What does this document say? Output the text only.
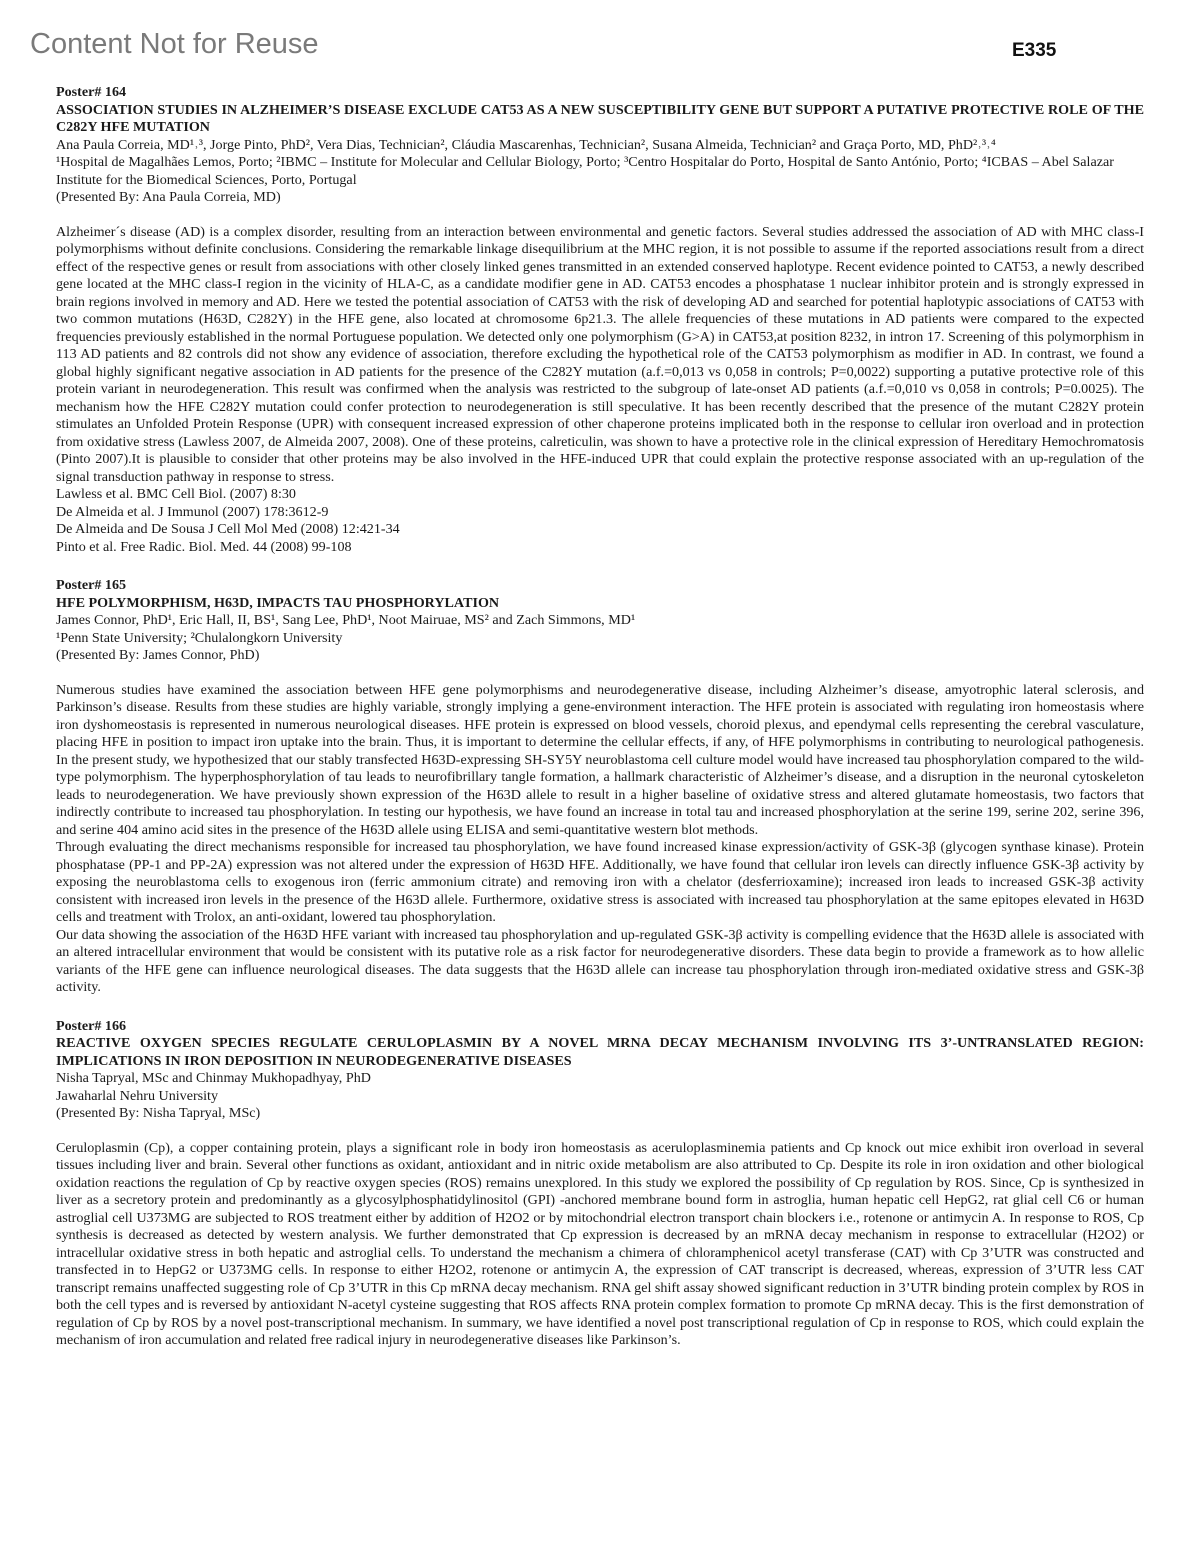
Content Not for Reuse	E335
Poster# 164
ASSOCIATION STUDIES IN ALZHEIMER’S DISEASE EXCLUDE CAT53 AS A NEW SUSCEPTIBILITY GENE BUT SUPPORT A PUTATIVE PROTECTIVE ROLE OF THE C282Y HFE MUTATION
Ana Paula Correia, MD¹˒³, Jorge Pinto, PhD², Vera Dias, Technician², Cláudia Mascarenhas, Technician², Susana Almeida, Technician² and Graça Porto, MD, PhD²˒³˒⁴
¹Hospital de Magalhães Lemos, Porto; ²IBMC – Institute for Molecular and Cellular Biology, Porto; ³Centro Hospitalar do Porto, Hospital de Santo António, Porto; ⁴ICBAS – Abel Salazar Institute for the Biomedical Sciences, Porto, Portugal
(Presented By: Ana Paula Correia, MD)

Alzheimer´s disease (AD) is a complex disorder, resulting from an interaction between environmental and genetic factors. Several studies addressed the association of AD with MHC class-I polymorphisms without definite conclusions. Considering the remarkable linkage disequilibrium at the MHC region, it is not possible to assume if the reported associations result from a direct effect of the respective genes or result from associations with other closely linked genes transmitted in an extended conserved haplotype. Recent evidence pointed to CAT53, a newly described gene located at the MHC class-I region in the vicinity of HLA-C, as a candidate modifier gene in AD. CAT53 encodes a phosphatase 1 nuclear inhibitor protein and is strongly expressed in brain regions involved in memory and AD. Here we tested the potential association of CAT53 with the risk of developing AD and searched for potential haplotypic associations of CAT53 with two common mutations (H63D, C282Y) in the HFE gene, also located at chromosome 6p21.3. The allele frequencies of these mutations in AD patients were compared to the expected frequencies previously established in the normal Portuguese population. We detected only one polymorphism (G>A) in CAT53,at position 8232, in intron 17. Screening of this polymorphism in 113 AD patients and 82 controls did not show any evidence of association, therefore excluding the hypothetical role of the CAT53 polymorphism as modifier in AD. In contrast, we found a global highly significant negative association in AD patients for the presence of the C282Y mutation (a.f.=0,013 vs 0,058 in controls; P=0,0022) supporting a putative protective role of this protein variant in neurodegeneration. This result was confirmed when the analysis was restricted to the subgroup of late-onset AD patients (a.f.=0,010 vs 0,058 in controls; P=0.0025). The mechanism how the HFE C282Y mutation could confer protection to neurodegeneration is still speculative. It has been recently described that the presence of the mutant C282Y protein stimulates an Unfolded Protein Response (UPR) with consequent increased expression of other chaperone proteins implicated both in the response to cellular iron overload and in protection from oxidative stress (Lawless 2007, de Almeida 2007, 2008). One of these proteins, calreticulin, was shown to have a protective role in the clinical expression of Hereditary Hemochromatosis (Pinto 2007).It is plausible to consider that other proteins may be also involved in the HFE-induced UPR that could explain the protective response associated with an up-regulation of the signal transduction pathway in response to stress.

Lawless et al. BMC Cell Biol. (2007) 8:30
De Almeida et al. J Immunol (2007) 178:3612-9
De Almeida and De Sousa J Cell Mol Med (2008) 12:421-34
Pinto et al. Free Radic. Biol. Med. 44 (2008) 99-108
Poster# 165
HFE POLYMORPHISM, H63D, IMPACTS TAU PHOSPHORYLATION
James Connor, PhD¹, Eric Hall, II, BS¹, Sang Lee, PhD¹, Noot Mairuae, MS² and Zach Simmons, MD¹
¹Penn State University; ²Chulalongkorn University
(Presented By: James Connor, PhD)

Numerous studies have examined the association between HFE gene polymorphisms and neurodegenerative disease, including Alzheimer’s disease, amyotrophic lateral sclerosis, and Parkinson’s disease. Results from these studies are highly variable, strongly implying a gene-environment interaction. The HFE protein is associated with regulating iron homeostasis where iron dyshomeostasis is represented in numerous neurological diseases. HFE protein is expressed on blood vessels, choroid plexus, and ependymal cells representing the cerebral vasculature, placing HFE in position to impact iron uptake into the brain. Thus, it is important to determine the cellular effects, if any, of HFE polymorphisms in contributing to neurological pathogenesis. In the present study, we hypothesized that our stably transfected H63D-expressing SH-SY5Y neuroblastoma cell culture model would have increased tau phosphorylation compared to the wild-type polymorphism. The hyperphosphorylation of tau leads to neurofibrillary tangle formation, a hallmark characteristic of Alzheimer’s disease, and a disruption in the neuronal cytoskeleton leads to neurodegeneration. We have previously shown expression of the H63D allele to result in a higher baseline of oxidative stress and altered glutamate homeostasis, two factors that indirectly contribute to increased tau phosphorylation. In testing our hypothesis, we have found an increase in total tau and increased phosphorylation at the serine 199, serine 202, serine 396, and serine 404 amino acid sites in the presence of the H63D allele using ELISA and semi-quantitative western blot methods.

Through evaluating the direct mechanisms responsible for increased tau phosphorylation, we have found increased kinase expression/activity of GSK-3β (glycogen synthase kinase). Protein phosphatase (PP-1 and PP-2A) expression was not altered under the expression of H63D HFE. Additionally, we have found that cellular iron levels can directly influence GSK-3β activity by exposing the neuroblastoma cells to exogenous iron (ferric ammonium citrate) and removing iron with a chelator (desferrioxamine); increased iron leads to increased GSK-3β activity consistent with increased iron levels in the presence of the H63D allele. Furthermore, oxidative stress is associated with increased tau phosphorylation at the same epitopes elevated in H63D cells and treatment with Trolox, an anti-oxidant, lowered tau phosphorylation.

Our data showing the association of the H63D HFE variant with increased tau phosphorylation and up-regulated GSK-3β activity is compelling evidence that the H63D allele is associated with an altered intracellular environment that would be consistent with its putative role as a risk factor for neurodegenerative disorders. These data begin to provide a framework as to how allelic variants of the HFE gene can influence neurological diseases. The data suggests that the H63D allele can increase tau phosphorylation through iron-mediated oxidative stress and GSK-3β activity.

Poster# 166
REACTIVE OXYGEN SPECIES REGULATE CERULOPLASMIN BY A NOVEL MRNA DECAY MECHANISM INVOLVING ITS 3’-UNTRANSLATED REGION: IMPLICATIONS IN IRON DEPOSITION IN NEURODEGENERATIVE DISEASES
Nisha Tapryal, MSc and Chinmay Mukhopadhyay, PhD
Jawaharlal Nehru University
(Presented By: Nisha Tapryal, MSc)

Ceruloplasmin (Cp), a copper containing protein, plays a significant role in body iron homeostasis as aceruloplasminemia patients and Cp knock out mice exhibit iron overload in several tissues including liver and brain. Several other functions as oxidant, antioxidant and in nitric oxide metabolism are also attributed to Cp. Despite its role in iron oxidation and other biological oxidation reactions the regulation of Cp by reactive oxygen species (ROS) remains unexplored. In this study we explored the possibility of Cp regulation by ROS. Since, Cp is synthesized in liver as a secretory protein and predominantly as a glycosylphosphatidylinositol (GPI) -anchored membrane bound form in astroglia, human hepatic cell HepG2, rat glial cell C6 or human astroglial cell U373MG are subjected to ROS treatment either by addition of H2O2 or by mitochondrial electron transport chain blockers i.e., rotenone or antimycin A. In response to ROS, Cp synthesis is decreased as detected by western analysis. We further demonstrated that Cp expression is decreased by an mRNA decay mechanism in response to extracellular (H2O2) or intracellular oxidative stress in both hepatic and astroglial cells. To understand the mechanism a chimera of chloramphenicol acetyl transferase (CAT) with Cp 3’UTR was constructed and transfected in to HepG2 or U373MG cells. In response to either H2O2, rotenone or antimycin A, the expression of CAT transcript is decreased, whereas, expression of 3’UTR less CAT transcript remains unaffected suggesting role of Cp 3’UTR in this Cp mRNA decay mechanism. RNA gel shift assay showed significant reduction in 3’UTR binding protein complex by ROS in both the cell types and is reversed by antioxidant N-acetyl cysteine suggesting that ROS affects RNA protein complex formation to promote Cp mRNA decay. This is the first demonstration of regulation of Cp by ROS by a novel post-transcriptional mechanism. In summary, we have identified a novel post transcriptional regulation of Cp in response to ROS, which could explain the mechanism of iron accumulation and related free radical injury in neurodegenerative diseases like Parkinson’s.
